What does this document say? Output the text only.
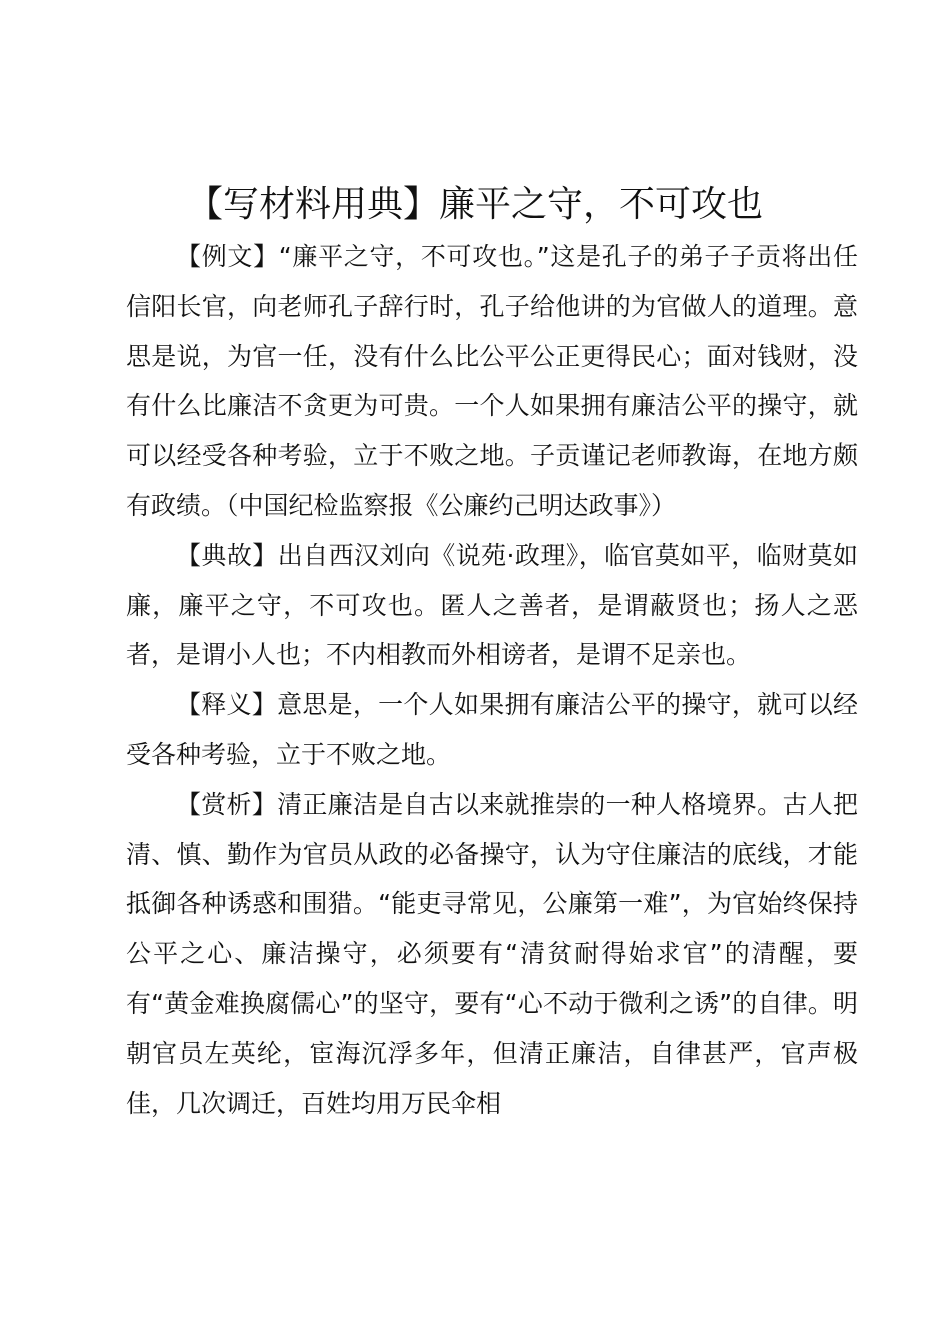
【写材料用典】廉平之守，不可攻也

【例文】“廉平之守，不可攻也。”这是孔子的弟子子贡将出任信阳长官，向老师孔子辞行时，孔子给他讲的为官做人的道理。意思是说，为官一任，没有什么比公平公正更得民心；面对钱财，没有什么比廉洁不贪更为可贵。一个人如果拥有廉洁公平的操守，就可以经受各种考验，立于不败之地。子贡谨记老师教诲，在地方颇有政绩。（中国纪检监察报《公廉约己明达政事》）

【典故】出自西汉刘向《说苑·政理》，临官莫如平，临财莫如廉，廉平之守，不可攻也。匿人之善者，是谓蔽贤也；扬人之恶者，是谓小人也；不内相教而外相谤者，是谓不足亲也。

【释义】意思是，一个人如果拥有廉洁公平的操守，就可以经受各种考验，立于不败之地。

【赏析】清正廉洁是自古以来就推崇的一种人格境界。古人把清、慎、勤作为官员从政的必备操守，认为守住廉洁的底线，才能抵御各种诱惑和围猎。“能吏寻常见，公廉第一难”，为官始终保持公平之心、廉洁操守，必须要有“清贫耐得始求官”的清醒，要有“黄金难换腐儒心”的坚守，要有“心不动于微利之诱”的自律。明朝官员左英纶，宦海沉浮多年，但清正廉洁，自律甚严，官声极佳，几次调迁，百姓均用万民伞相
